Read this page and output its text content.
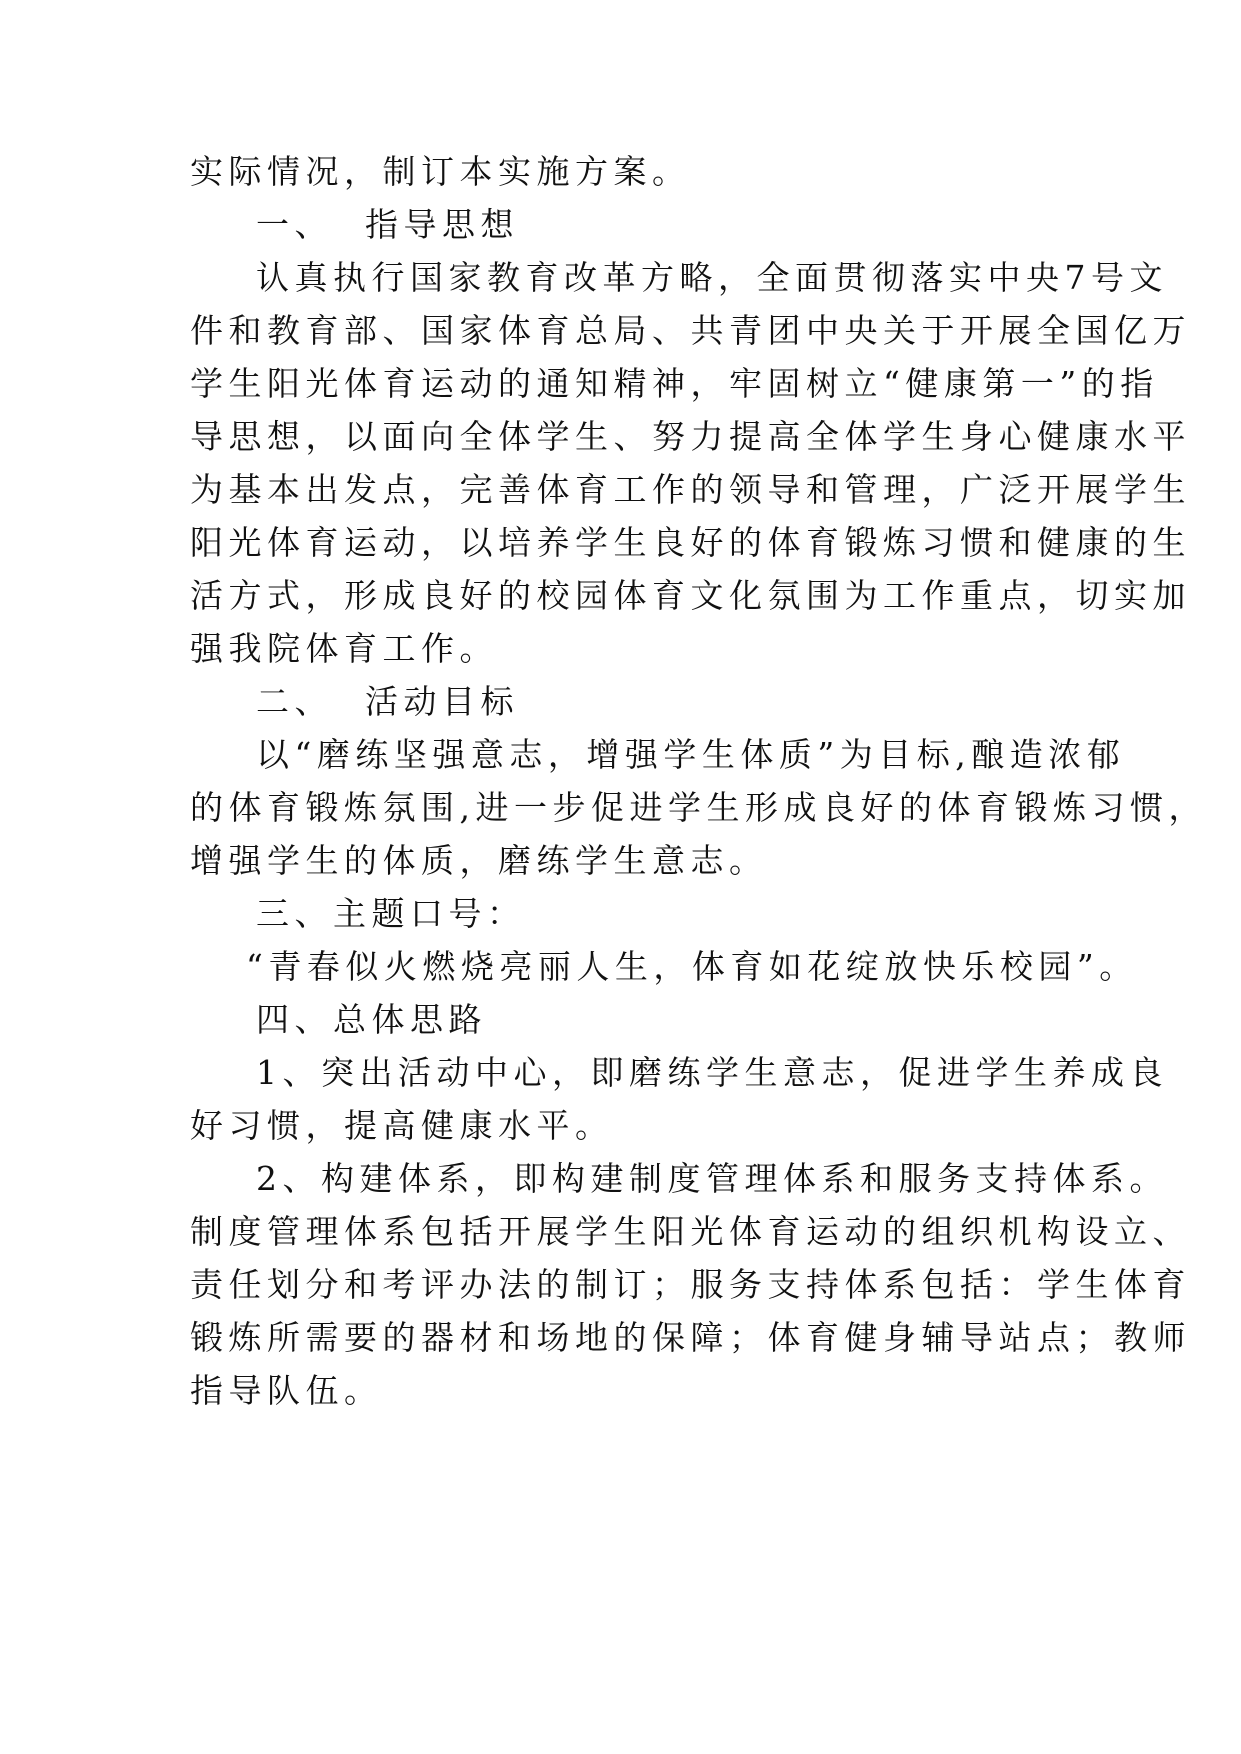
实际情况，制订本实施方案。

一、  指导思想

认真执行国家教育改革方略，全面贯彻落实中央7号文

件和教育部、国家体育总局、共青团中央关于开展全国亿万

学生阳光体育运动的通知精神，牢固树立“健康第一”的指

导思想，以面向全体学生、努力提高全体学生身心健康水平

为基本出发点，完善体育工作的领导和管理，广泛开展学生

阳光体育运动，以培养学生良好的体育锻炼习惯和健康的生

活方式，形成良好的校园体育文化氛围为工作重点，切实加

强我院体育工作。

二、  活动目标

以“磨练坚强意志，增强学生体质”为目标,酿造浓郁

的体育锻炼氛围,进一步促进学生形成良好的体育锻炼习惯，

增强学生的体质，磨练学生意志。

三、主题口号：

“青春似火燃烧亮丽人生，体育如花绽放快乐校园”。

四、总体思路

1、突出活动中心，即磨练学生意志，促进学生养成良

好习惯，提高健康水平。

2、构建体系，即构建制度管理体系和服务支持体系。

制度管理体系包括开展学生阳光体育运动的组织机构设立、

责任划分和考评办法的制订；服务支持体系包括：学生体育

锻炼所需要的器材和场地的保障；体育健身辅导站点；教师

指导队伍。
